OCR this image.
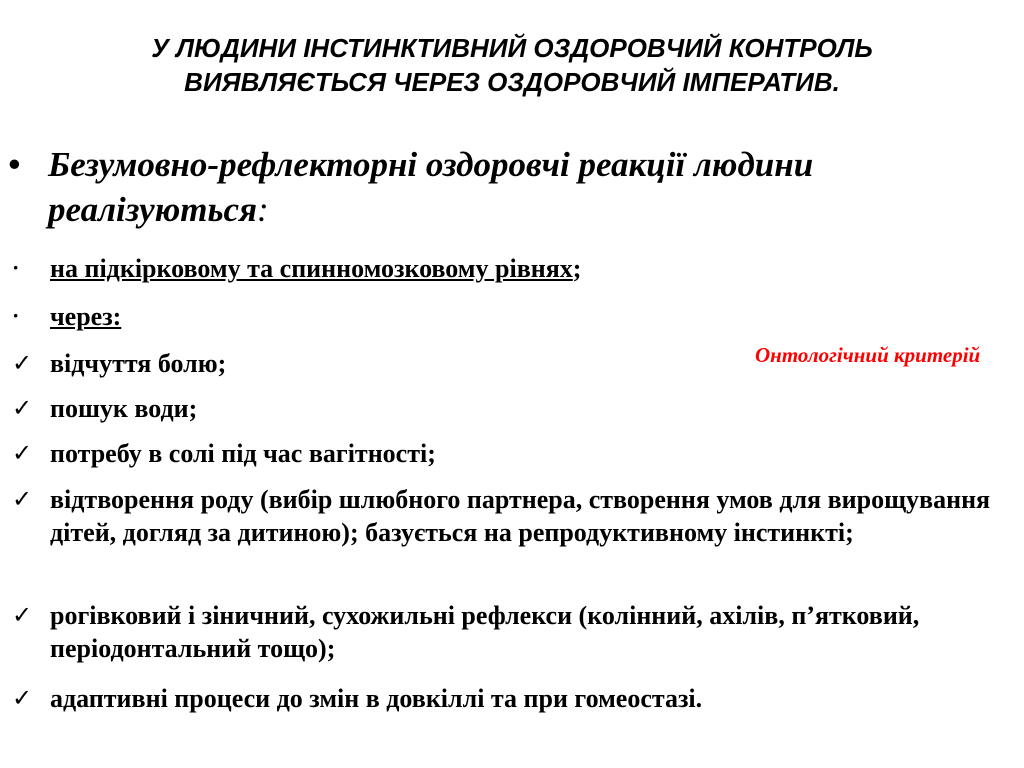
У ЛЮДИНИ ІНСТИНКТИВНИЙ ОЗДОРОВЧИЙ КОНТРОЛЬ ВИЯВЛЯЄТЬСЯ ЧЕРЕЗ ОЗДОРОВЧИЙ ІМПЕРАТИВ.
• Безумовно-рефлекторні оздоровчі реакції людини реалізуються:
·	на підкірковому та спинномозковому рівнях;
·	через:
✓ відчуття болю;
✓ пошук води;
✓ потребу в солі під час вагітності;
✓ відтворення роду (вибір шлюбного партнера, створення умов для вирощування дітей, догляд за дитиною); базується на репродуктивному інстинкті;
✓ рогівковий і зіничний, сухожильні рефлекси (колінний, ахілів, п’ятковий, періодонтальний тощо);
✓ адаптивні процеси до змін в довкіллі та при гомеостазі.
Онтологічний критерій
